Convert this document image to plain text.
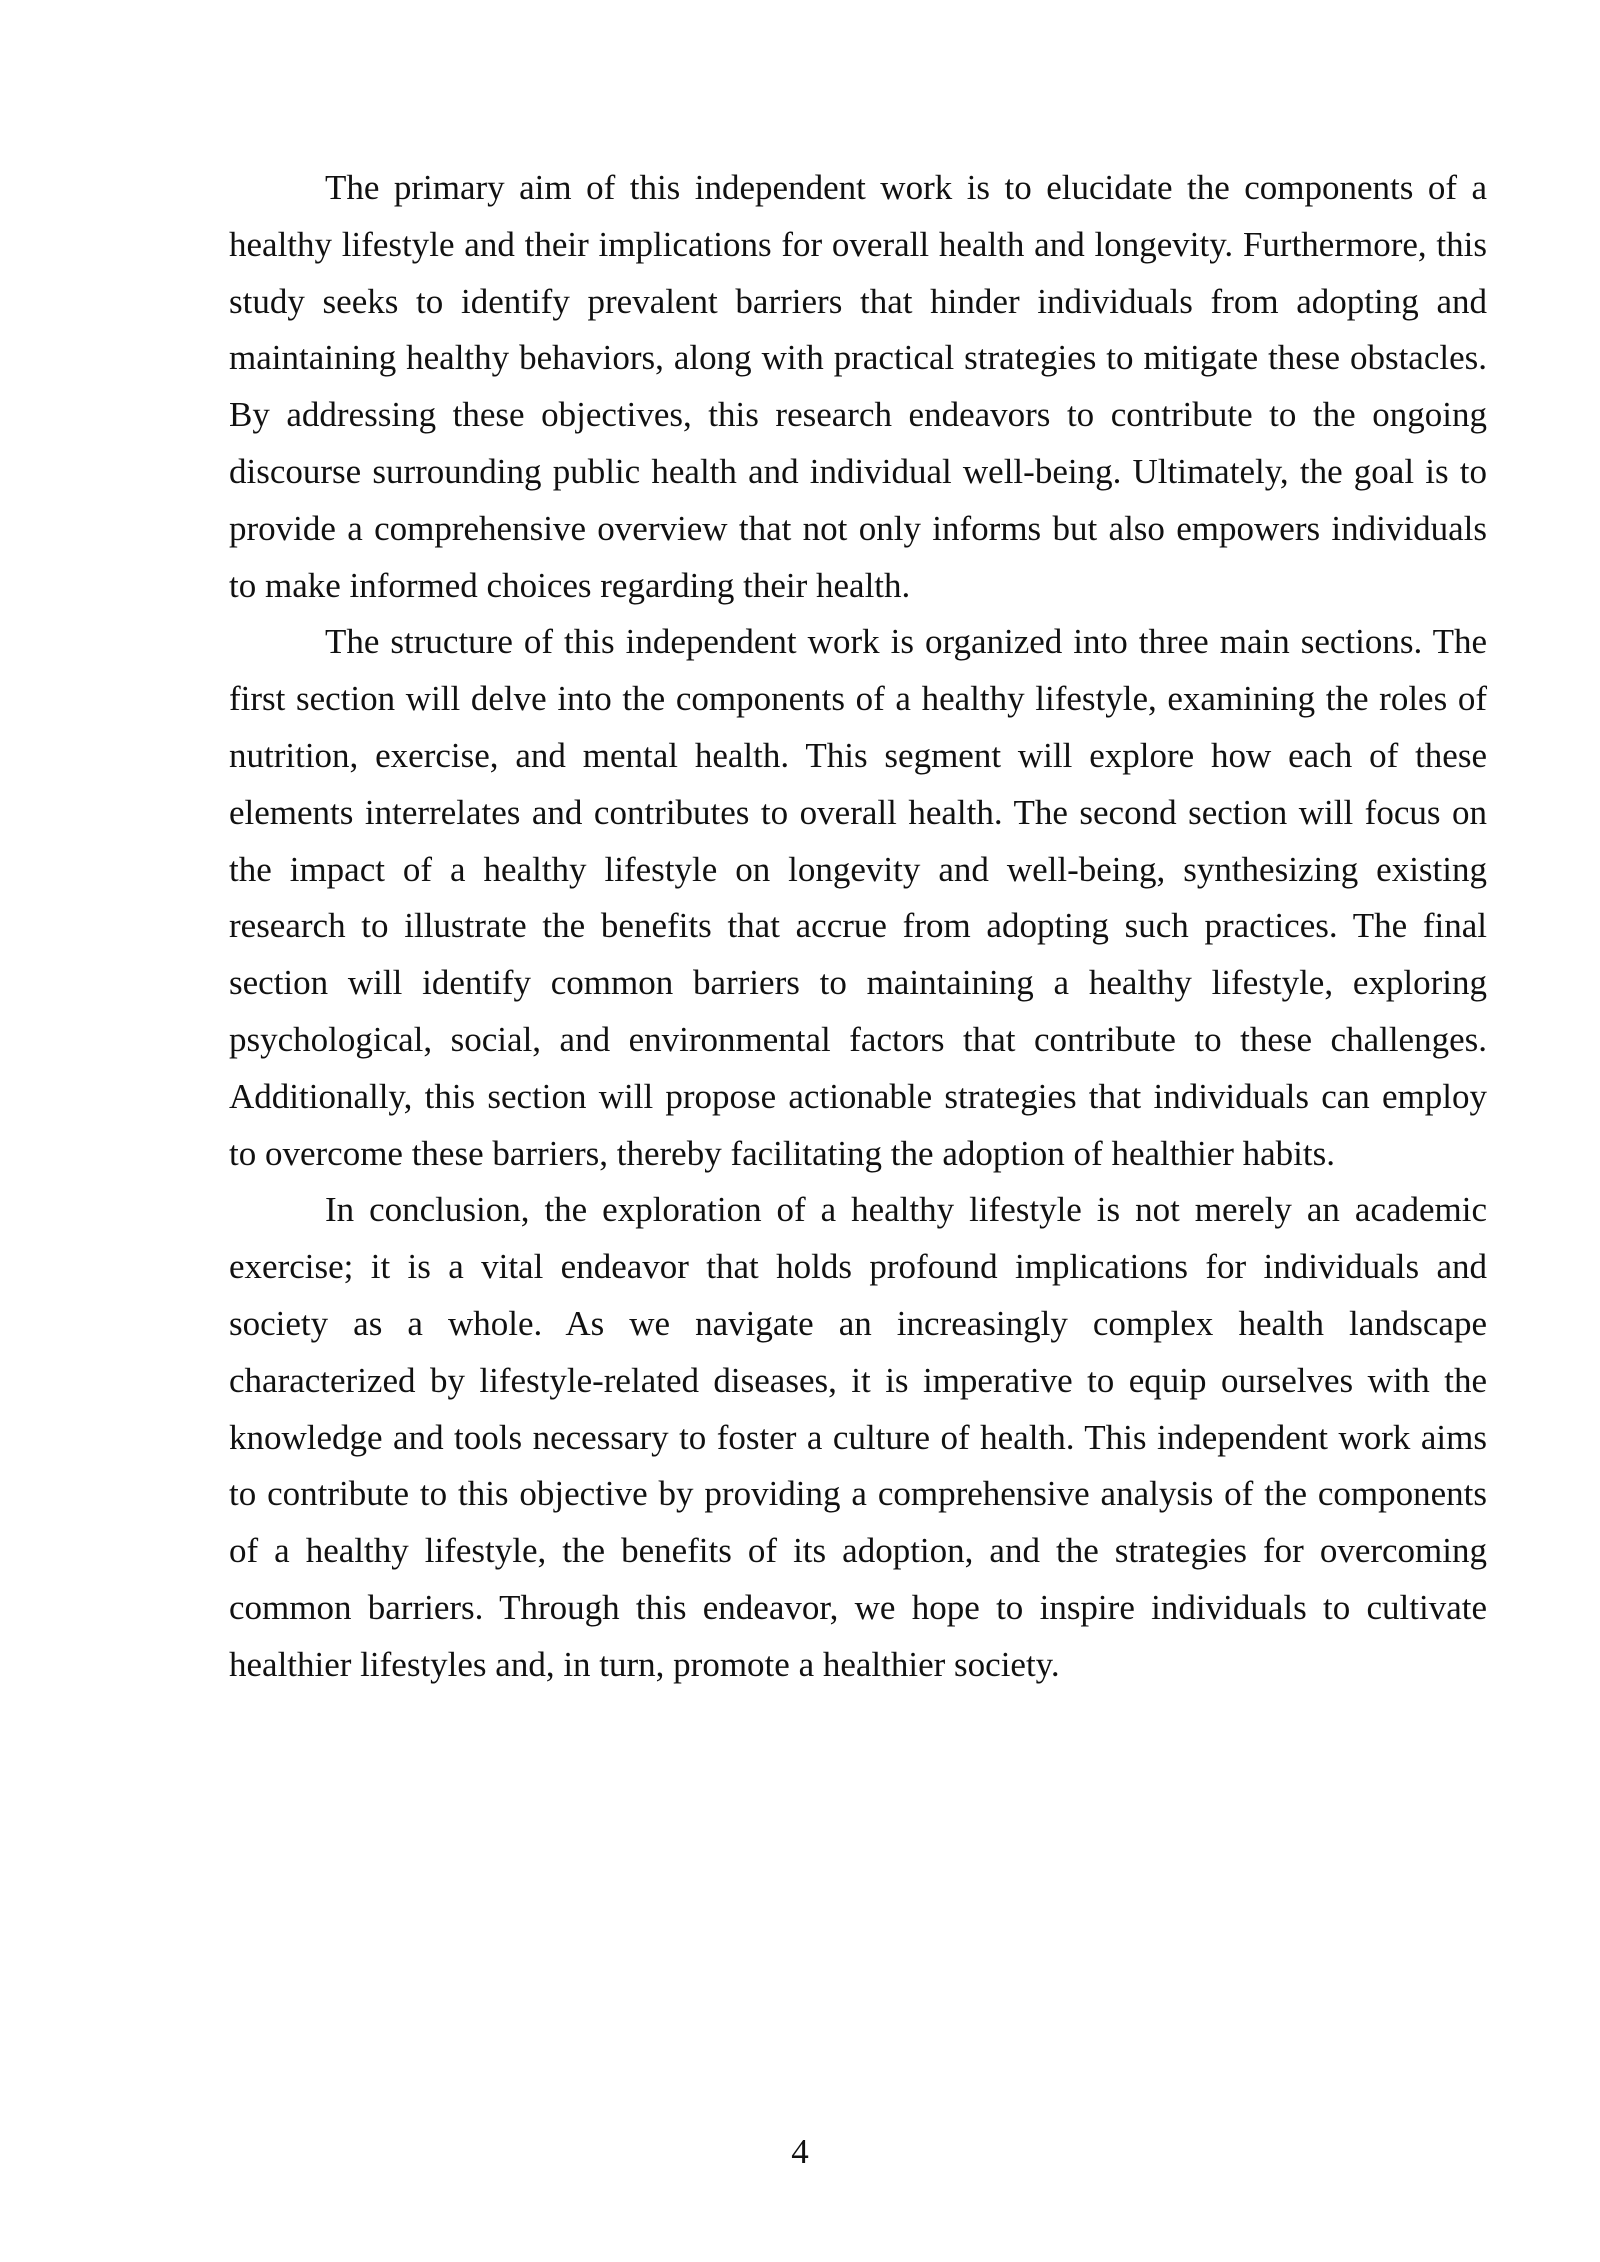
The primary aim of this independent work is to elucidate the components of a healthy lifestyle and their implications for overall health and longevity. Furthermore, this study seeks to identify prevalent barriers that hinder individuals from adopting and maintaining healthy behaviors, along with practical strategies to mitigate these obstacles. By addressing these objectives, this research endeavors to contribute to the ongoing discourse surrounding public health and individual well-being. Ultimately, the goal is to provide a comprehensive overview that not only informs but also empowers individuals to make informed choices regarding their health.

The structure of this independent work is organized into three main sections. The first section will delve into the components of a healthy lifestyle, examining the roles of nutrition, exercise, and mental health. This segment will explore how each of these elements interrelates and contributes to overall health. The second section will focus on the impact of a healthy lifestyle on longevity and well-being, synthesizing existing research to illustrate the benefits that accrue from adopting such practices. The final section will identify common barriers to maintaining a healthy lifestyle, exploring psychological, social, and environmental factors that contribute to these challenges. Additionally, this section will propose actionable strategies that individuals can employ to overcome these barriers, thereby facilitating the adoption of healthier habits.

In conclusion, the exploration of a healthy lifestyle is not merely an academic exercise; it is a vital endeavor that holds profound implications for individuals and society as a whole. As we navigate an increasingly complex health landscape characterized by lifestyle-related diseases, it is imperative to equip ourselves with the knowledge and tools necessary to foster a culture of health. This independent work aims to contribute to this objective by providing a comprehensive analysis of the components of a healthy lifestyle, the benefits of its adoption, and the strategies for overcoming common barriers. Through this endeavor, we hope to inspire individuals to cultivate healthier lifestyles and, in turn, promote a healthier society.

4
